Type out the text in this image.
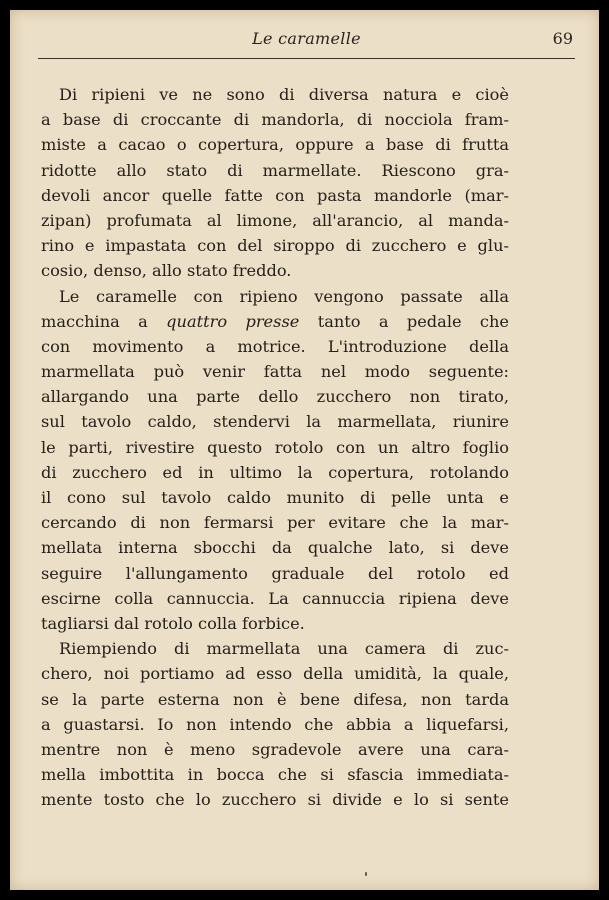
Le caramelle	69
Di ripieni ve ne sono di diversa natura e cioè
a base di croccante di mandorla, di nocciola fram-
miste a cacao o copertura, oppure a base di frutta
ridotte allo stato di marmellate. Riescono gra-
devoli ancor quelle fatte con pasta mandorle (mar-
zipan) profumata al limone, all'arancio, al manda-
rino e impastata con del siroppo di zucchero e glu-
cosio, denso, allo stato freddo.
Le caramelle con ripieno vengono passate alla
macchina a quattro presse tanto a pedale che
con movimento a motrice. L'introduzione della
marmellata può venir fatta nel modo seguente:
allargando una parte dello zucchero non tirato,
sul tavolo caldo, stendervi la marmellata, riunire
le parti, rivestire questo rotolo con un altro foglio
di zucchero ed in ultimo la copertura, rotolando
il cono sul tavolo caldo munito di pelle unta e
cercando di non fermarsi per evitare che la mar-
mellata interna sbocchi da qualche lato, si deve
seguire l'allungamento graduale del rotolo ed
escirne colla cannuccia. La cannuccia ripiena deve
tagliarsi dal rotolo colla forbice.
Riempiendo di marmellata una camera di zuc-
chero, noi portiamo ad esso della umidità, la quale,
se la parte esterna non è bene difesa, non tarda
a guastarsi. Io non intendo che abbia a liquefarsi,
mentre non è meno sgradevole avere una cara-
mella imbottita in bocca che si sfascia immediata-
mente tosto che lo zucchero si divide e lo si sente
